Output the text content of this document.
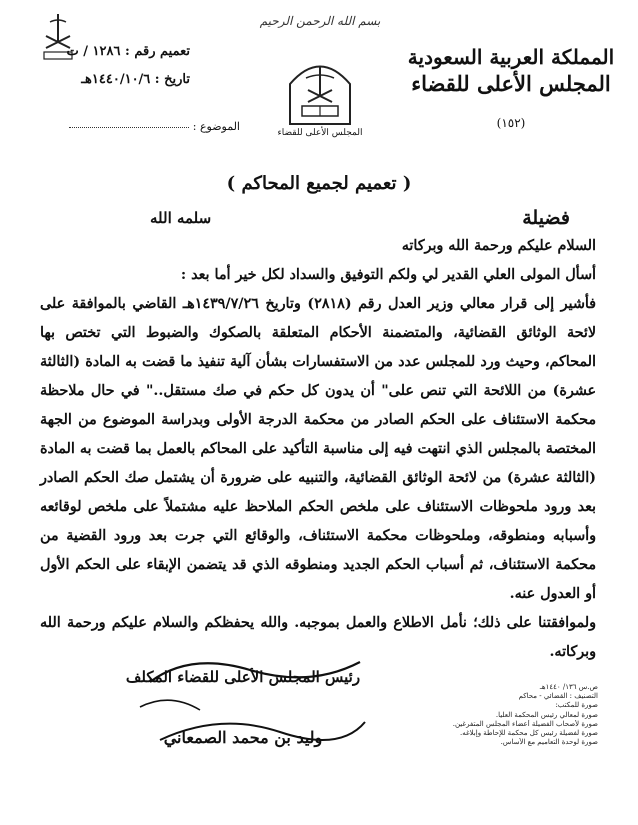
بسم الله الرحمن الرحيم
المملكة العربية السعودية
المجلس الأعلى للقضاء
(١٥٢)
المجلس الأعلى للقضاء
تعميم رقم : ١٢٨٦ / ت
تاريخ : ١٤٤٠/١٠/٦هـ
الموضوع :
( تعميم لجميع المحاكم )
فضيلة
سلمه الله

السلام عليكم ورحمة الله وبركاته

أسأل المولى العلي القدير لي ولكم التوفيق والسداد لكل خير أما بعد :

فأشير إلى قرار معالي وزير العدل رقم (٢٨١٨) وتاريخ ١٤٣٩/٧/٢٦هـ القاضي بالموافقة على لائحة الوثائق القضائية، والمتضمنة الأحكام المتعلقة بالصكوك والضبوط التي تختص بها المحاكم، وحيث ورد للمجلس عدد من الاستفسارات بشأن آلية تنفيذ ما قضت به المادة (الثالثة عشرة) من اللائحة التي تنص على" أن يدون كل حكم في صك مستقل.." في حال ملاحظة محكمة الاستئناف على الحكم الصادر من محكمة الدرجة الأولى وبدراسة الموضوع من الجهة المختصة بالمجلس الذي انتهت فيه إلى مناسبة التأكيد على المحاكم بالعمل بما قضت به المادة (الثالثة عشرة) من لائحة الوثائق القضائية، والتنبيه على ضرورة أن يشتمل صك الحكم الصادر بعد ورود ملحوظات الاستئناف على ملخص الحكم الملاحظ عليه مشتملاً على ملخص لوقائعه وأسبابه ومنطوقه، وملحوظات محكمة الاستئناف، والوقائع التي جرت بعد ورود القضية من محكمة الاستئناف، ثم أسباب الحكم الجديد ومنطوقه الذي قد يتضمن الإبقاء على الحكم الأول أو العدول عنه.

ولموافقتنا على ذلك؛ نأمل الاطلاع والعمل بموجبه. والله يحفظكم والسلام عليكم ورحمة الله وبركاته.

رئيس المجلس الأعلى للقضاء المكلف
وليد بن محمد الصمعاني
ص.س ١٣٦/ ١٤٤٠هـ
التصنيف : القضائي - محاكم
صورة للمكتب:
صورة لمعالي رئيس المحكمة العليا.
صورة لأصحاب الفضيلة أعضاء المجلس المتفرغين.
صورة لفضيلة رئيس كل محكمة للإحاطة وإبلاغه.
صورة لوحدة التعاميم مع الأساس.
